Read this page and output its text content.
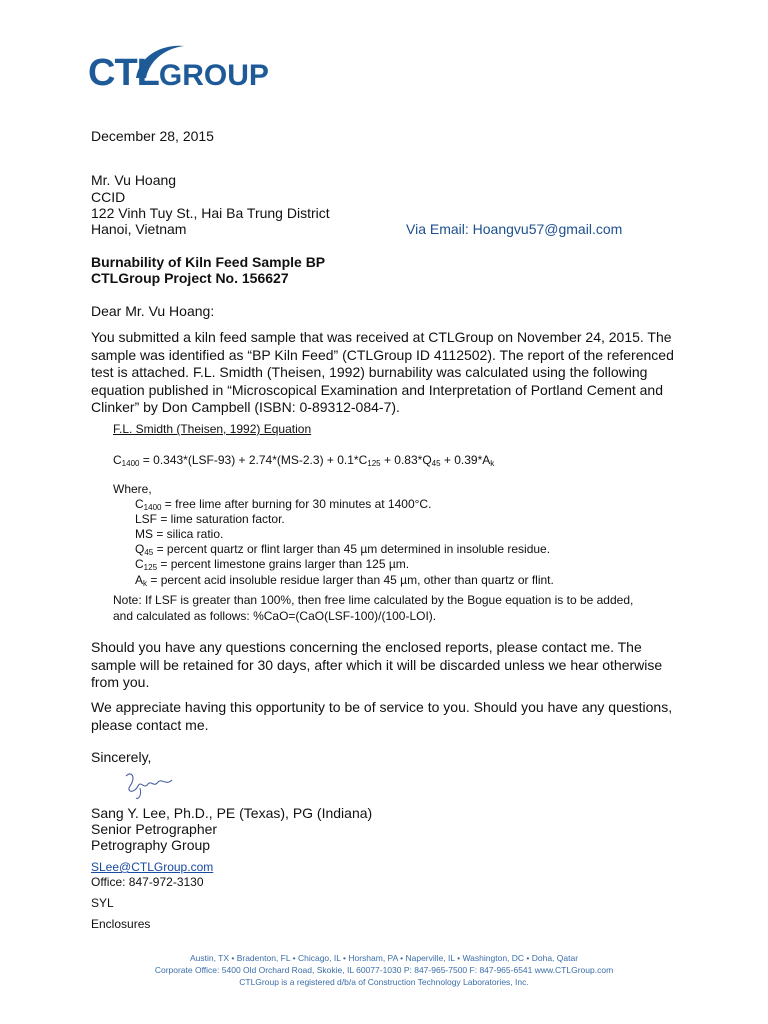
CTLGROUP
December 28, 2015
Mr. Vu Hoang
CCID
122 Vinh Tuy St., Hai Ba Trung District
Hanoi, Vietnam	Via Email: Hoangvu57@gmail.com
Burnability of Kiln Feed Sample BP
CTLGroup Project No. 156627
Dear Mr. Vu Hoang:
You submitted a kiln feed sample that was received at CTLGroup on November 24, 2015. The sample was identified as “BP Kiln Feed” (CTLGroup ID 4112502). The report of the referenced test is attached. F.L. Smidth (Theisen, 1992) burnability was calculated using the following equation published in “Microscopical Examination and Interpretation of Portland Cement and Clinker” by Don Campbell (ISBN: 0-89312-084-7).
F.L. Smidth (Theisen, 1992) Equation
$C_{1400} = 0.343*(LSF-93) + 2.74*(MS-2.3) + 0.1*C_{125} + 0.83*Q_{45} + 0.39*A_k$
Where,
$C_{1400}$ = free lime after burning for 30 minutes at 1400°C.
LSF = lime saturation factor.
MS = silica ratio.
$Q_{45}$ = percent quartz or flint larger than 45 µm determined in insoluble residue.
$C_{125}$ = percent limestone grains larger than 125 µm.
$A_k$ = percent acid insoluble residue larger than 45 µm, other than quartz or flint.
Note: If LSF is greater than 100%, then free lime calculated by the Bogue equation is to be added,
and calculated as follows: %CaO=(CaO(LSF-100)/(100-LOI).
Should you have any questions concerning the enclosed reports, please contact me. The sample will be retained for 30 days, after which it will be discarded unless we hear otherwise from you.
We appreciate having this opportunity to be of service to you. Should you have any questions, please contact me.
Sincerely,
Sang Y. Lee, Ph.D., PE (Texas), PG (Indiana)
Senior Petrographer
Petrography Group
SLee@CTLGroup.com
Office: 847-972-3130
SYL
Enclosures
Austin, TX • Bradenton, FL • Chicago, IL • Horsham, PA • Naperville, IL • Washington, DC • Doha, Qatar
Corporate Office: 5400 Old Orchard Road, Skokie, IL 60077-1030 P: 847-965-7500 F: 847-965-6541 www.CTLGroup.com
CTLGroup is a registered d/b/a of Construction Technology Laboratories, Inc.
